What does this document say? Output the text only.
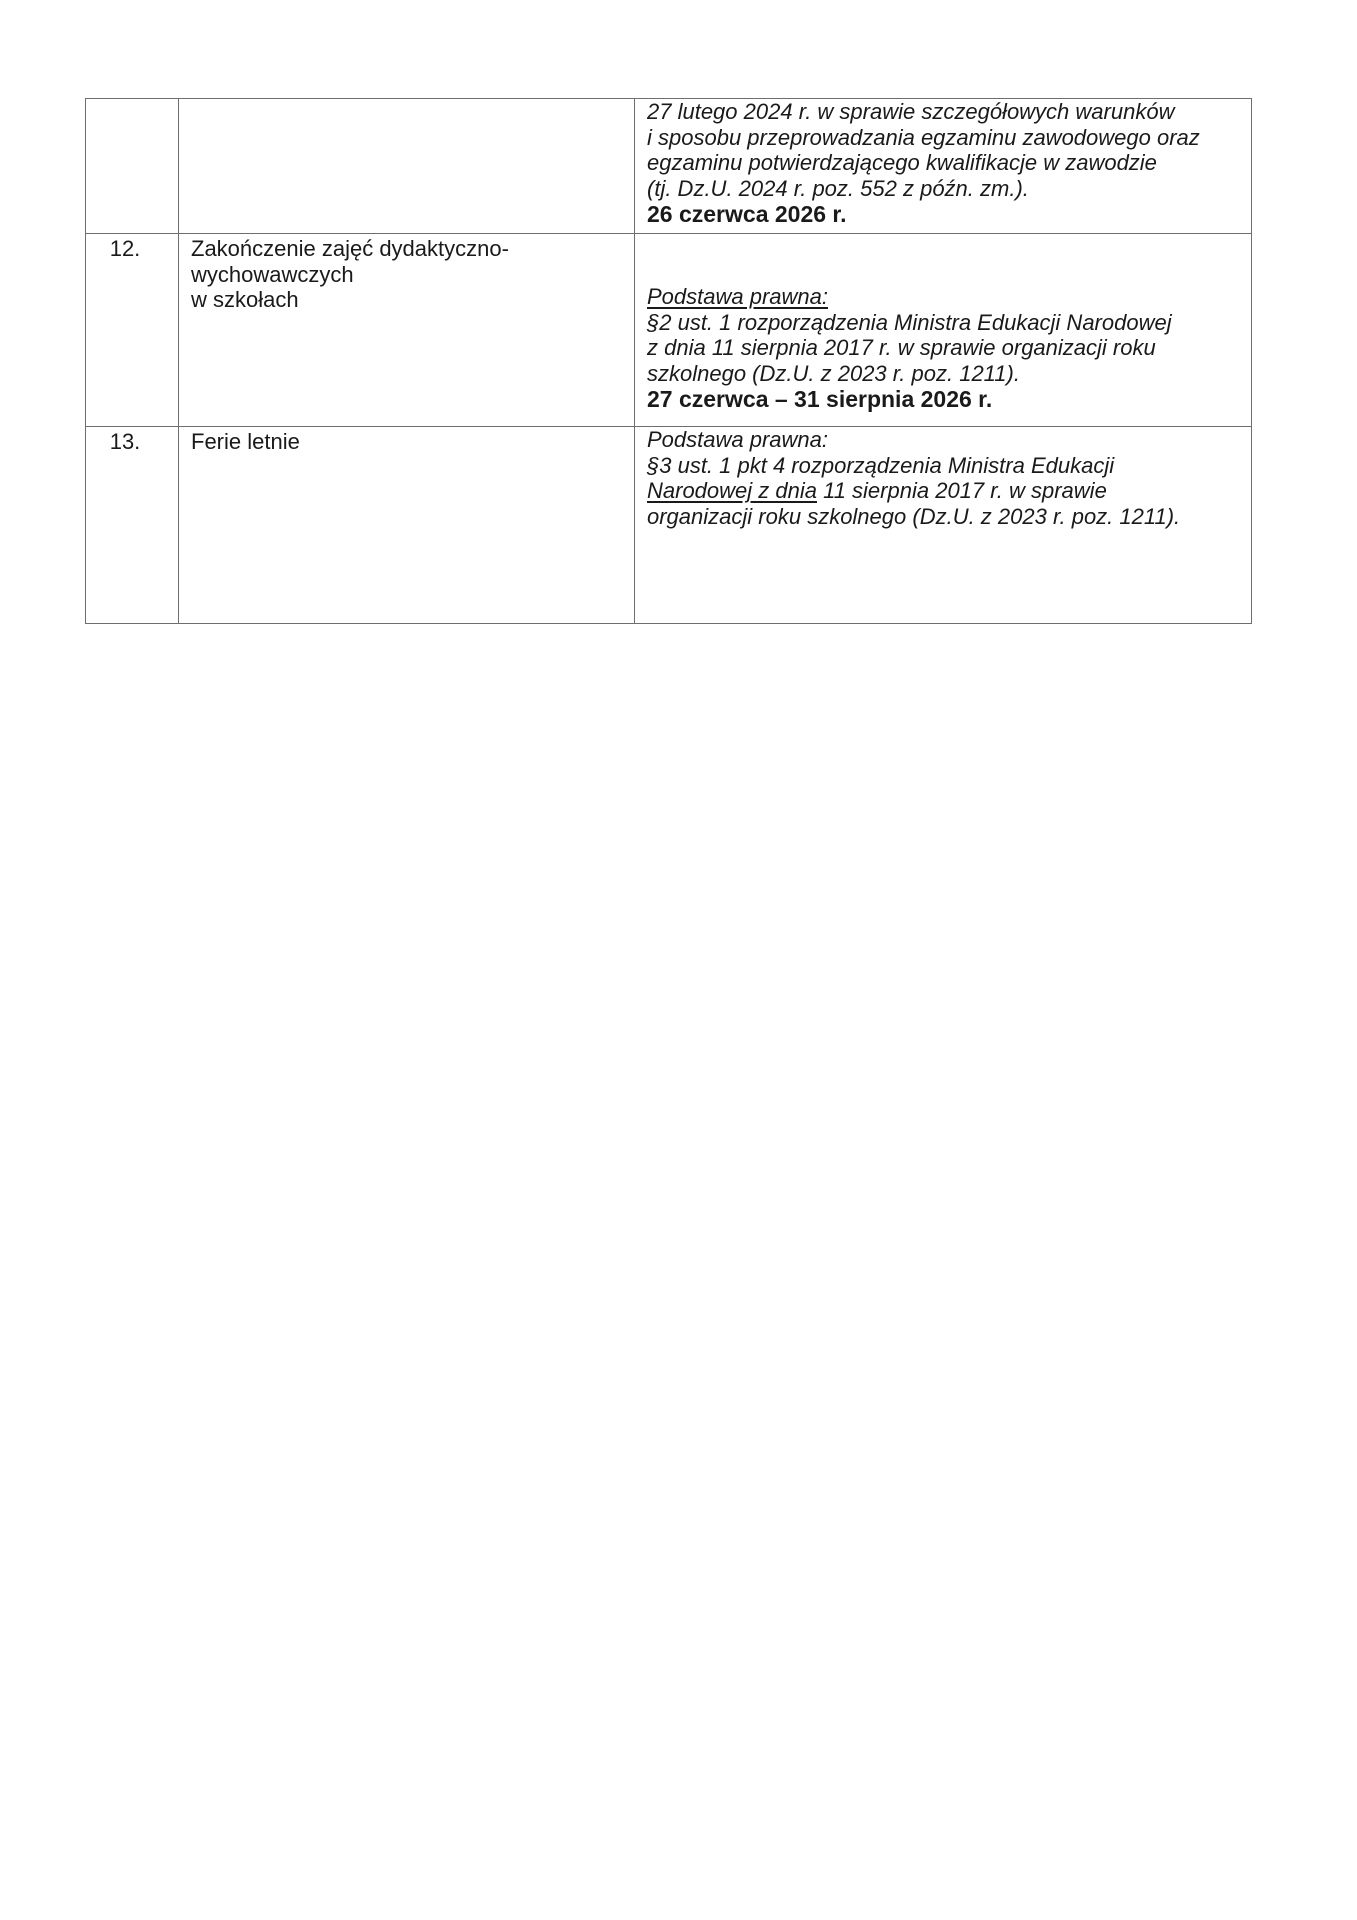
		27 lutego 2024 r. w sprawie szczegółowych warunków
i sposobu przeprowadzania egzaminu zawodowego oraz
egzaminu potwierdzającego kwalifikacje w zawodzie
(tj. Dz.U. 2024 r. poz. 552 z późn. zm.).
26 czerwca 2026 r.

12.	Zakończenie zajęć dydaktyczno-
wychowawczych
w szkołach	Podstawa prawna:
§2 ust. 1 rozporządzenia Ministra Edukacji Narodowej
z dnia 11 sierpnia 2017 r. w sprawie organizacji roku
szkolnego (Dz.U. z 2023 r. poz. 1211).
27 czerwca – 31 sierpnia 2026 r.

13.	Ferie letnie	Podstawa prawna:
§3 ust. 1 pkt 4 rozporządzenia Ministra Edukacji
Narodowej z dnia 11 sierpnia 2017 r. w sprawie
organizacji roku szkolnego (Dz.U. z 2023 r. poz. 1211).
